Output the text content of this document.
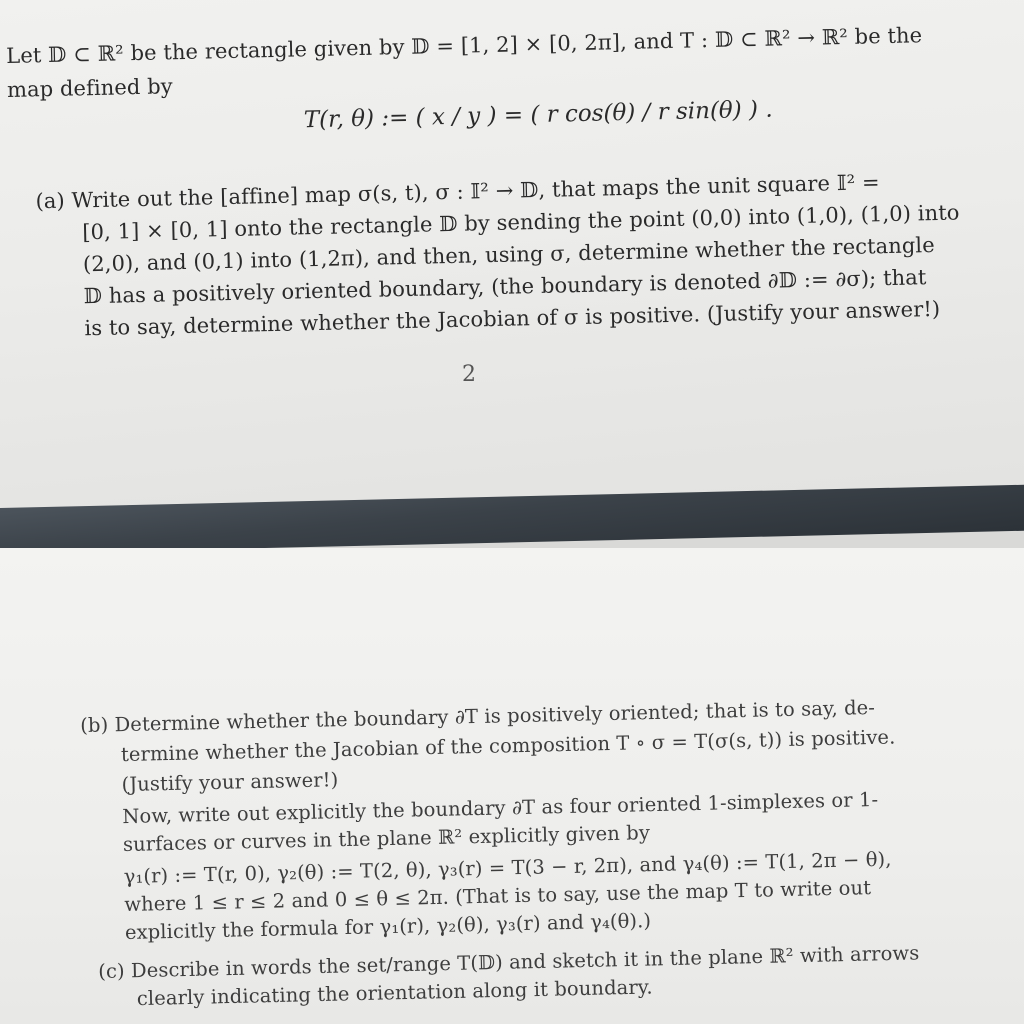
Let 𝔻 ⊂ ℝ² be the rectangle given by 𝔻 = [1, 2] × [0, 2π], and T : 𝔻 ⊂ ℝ² → ℝ² be the
map defined by
T(r, θ) := ( x / y ) = ( r cos(θ) / r sin(θ) ) .
(a) Write out the [affine] map σ(s, t), σ : 𝕀² → 𝔻, that maps the unit square 𝕀² =
[0, 1] × [0, 1] onto the rectangle 𝔻 by sending the point (0,0) into (1,0), (1,0) into
(2,0), and (0,1) into (1,2π), and then, using σ, determine whether the rectangle
𝔻 has a positively oriented boundary, (the boundary is denoted ∂𝔻 := ∂σ); that
is to say, determine whether the Jacobian of σ is positive. (Justify your answer!)
2
(b) Determine whether the boundary ∂T is positively oriented; that is to say, de-
termine whether the Jacobian of the composition T ∘ σ = T(σ(s, t)) is positive.
(Justify your answer!)
Now, write out explicitly the boundary ∂T as four oriented 1-simplexes or 1-
surfaces or curves in the plane ℝ² explicitly given by
γ₁(r) := T(r, 0), γ₂(θ) := T(2, θ), γ₃(r) = T(3 − r, 2π), and γ₄(θ) := T(1, 2π − θ),
where 1 ≤ r ≤ 2 and 0 ≤ θ ≤ 2π. (That is to say, use the map T to write out
explicitly the formula for γ₁(r), γ₂(θ), γ₃(r) and γ₄(θ).)
(c) Describe in words the set/range T(𝔻) and sketch it in the plane ℝ² with arrows
clearly indicating the orientation along it boundary.
